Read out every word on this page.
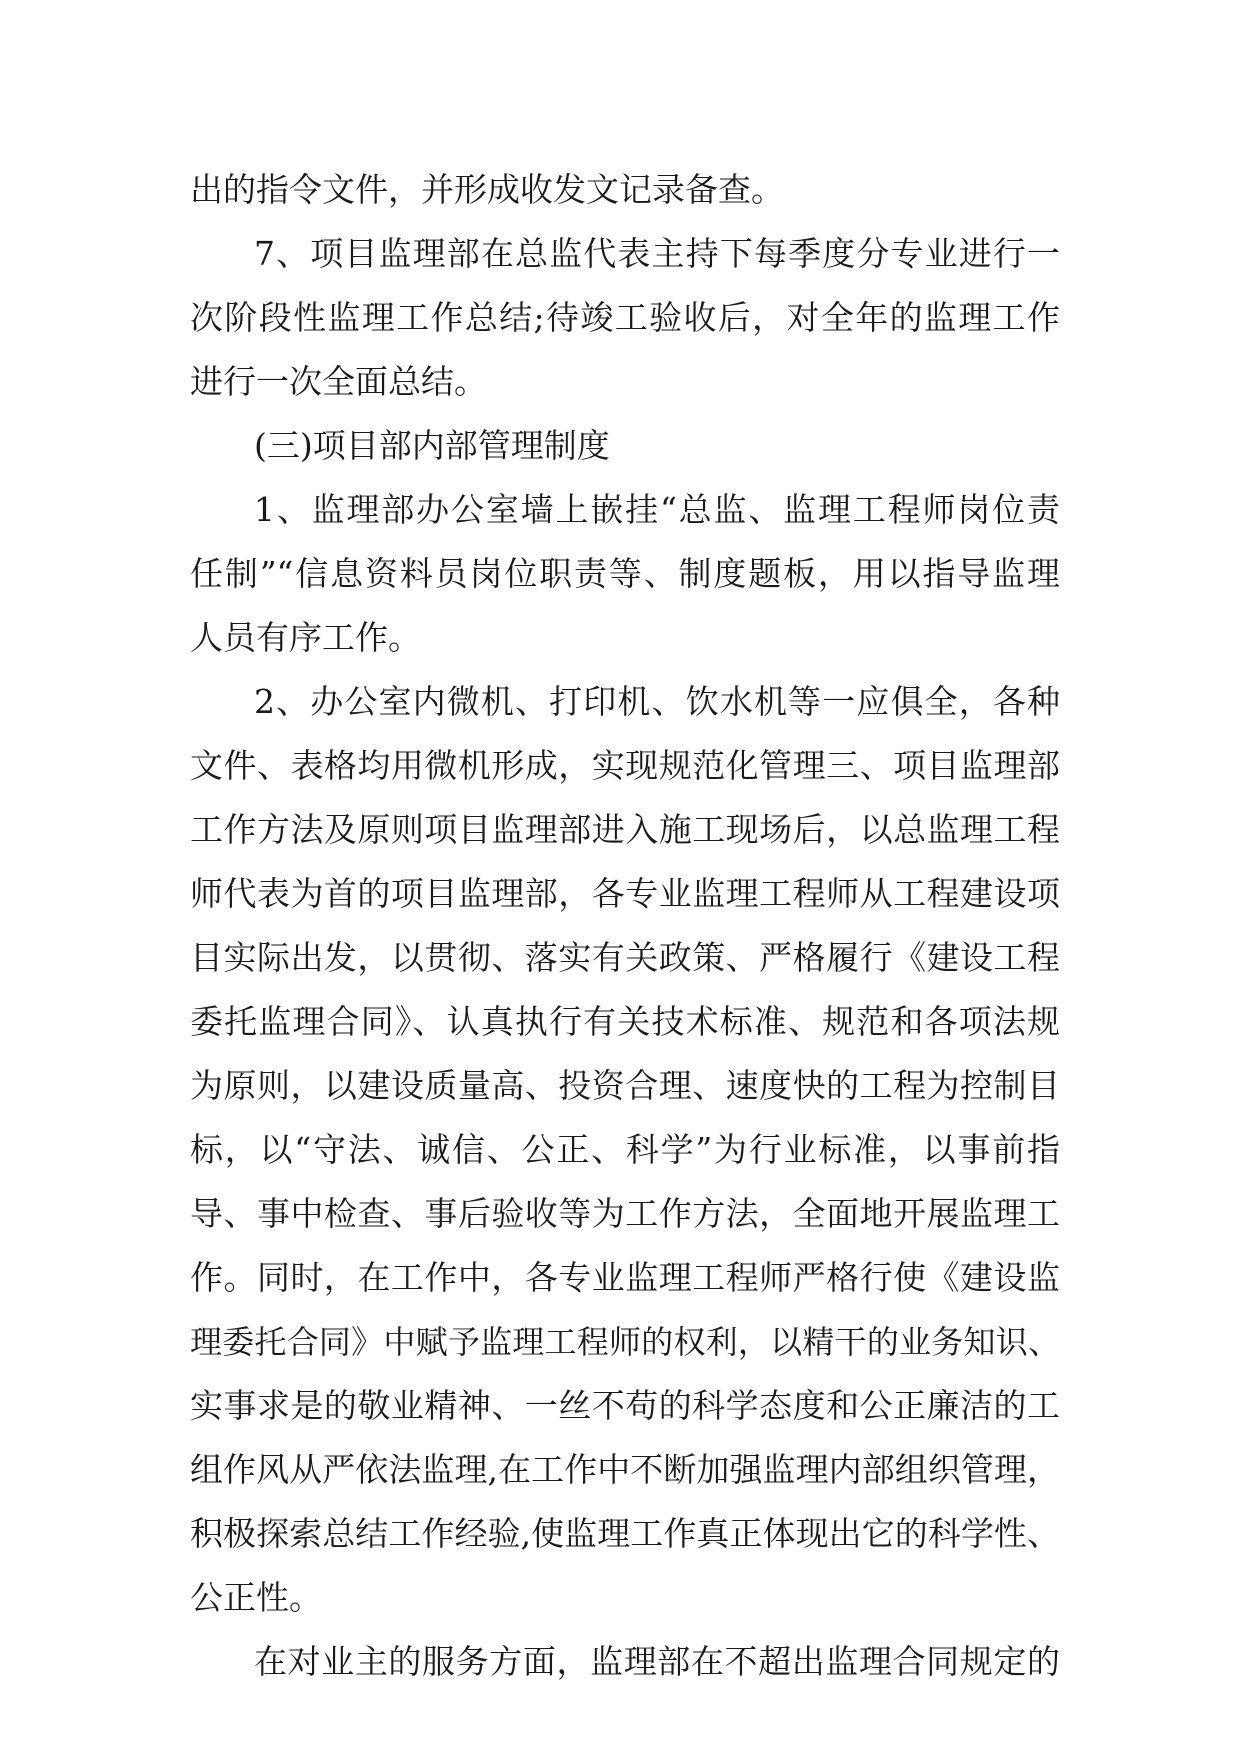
出的指令文件，并形成收发文记录备查。
7、项目监理部在总监代表主持下每季度分专业进行一
次阶段性监理工作总结;待竣工验收后，对全年的监理工作
进行一次全面总结。
(三)项目部内部管理制度
1、监理部办公室墙上嵌挂“总监、监理工程师岗位责
任制”“信息资料员岗位职责等、制度题板，用以指导监理
人员有序工作。
2、办公室内微机、打印机、饮水机等一应俱全，各种
文件、表格均用微机形成，实现规范化管理三、项目监理部
工作方法及原则项目监理部进入施工现场后，以总监理工程
师代表为首的项目监理部，各专业监理工程师从工程建设项
目实际出发，以贯彻、落实有关政策、严格履行《建设工程
委托监理合同》、认真执行有关技术标准、规范和各项法规
为原则，以建设质量高、投资合理、速度快的工程为控制目
标，以“守法、诚信、公正、科学”为行业标准，以事前指
导、事中检查、事后验收等为工作方法，全面地开展监理工
作。同时，在工作中，各专业监理工程师严格行使《建设监
理委托合同》中赋予监理工程师的权利，以精干的业务知识、
实事求是的敬业精神、一丝不苟的科学态度和公正廉洁的工
组作风从严依法监理,在工作中不断加强监理内部组织管理，
积极探索总结工作经验,使监理工作真正体现出它的科学性、
公正性。
在对业主的服务方面，监理部在不超出监理合同规定的
